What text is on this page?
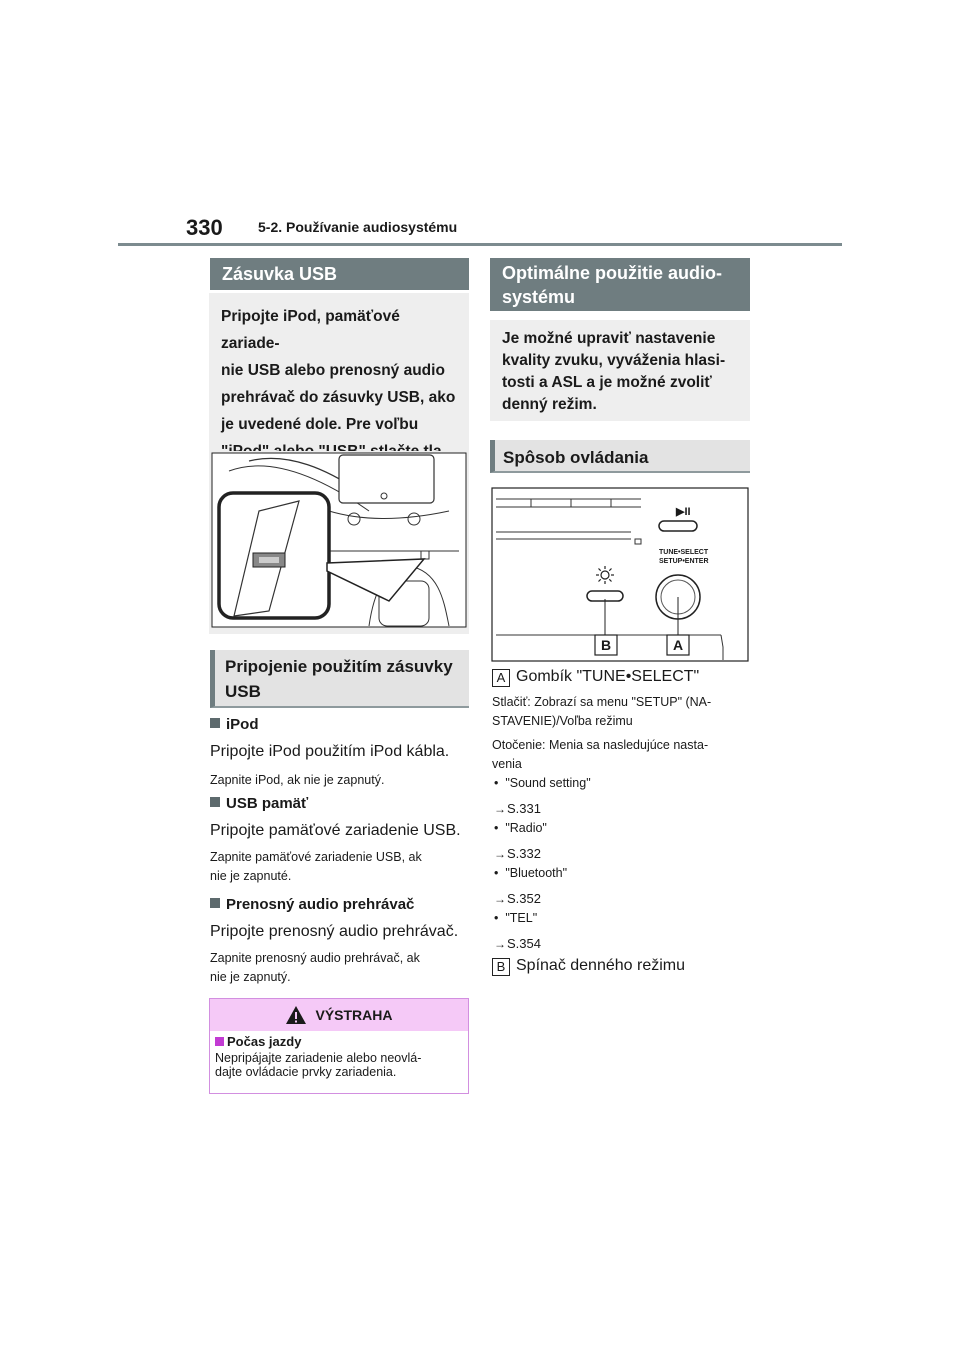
330	5-2. Používanie audiosystému
Zásuvka USB
Pripojte iPod, pamäťové zariade-
nie USB alebo prenosný audio
prehrávač do zásuvky USB, ako
je uvedené dole. Pre voľbu
Pripojenie použitím zásuvky
USB
iPod
Pripojte iPod použitím iPod kábla.
Zapnite iPod, ak nie je zapnutý.
USB pamäť
Pripojte pamäťové zariadenie USB.
Zapnite pamäťové zariadenie USB, ak
nie je zapnuté.
Prenosný audio prehrávač
Pripojte prenosný audio prehrávač.
Zapnite prenosný audio prehrávač, ak
nie je zapnutý.
VÝSTRAHA
Počas jazdy
Nepripájajte zariadenie alebo neovlá-
dajte ovládacie prvky zariadenia.
Optimálne použitie audio-
systému
Je možné upraviť nastavenie
kvality zvuku, vyváženia hlasi-
tosti a ASL a je možné zvoliť
denný režim.
Spôsob ovládania
▶II
TUNE•SELECT
SETUP•ENTER
B	A
A Gombík "TUNE•SELECT"
Stlačiť: Zobrazí sa menu "SETUP" (NA-
STAVENIE)/Voľba režimu
Otočenie: Menia sa nasledujúce nasta-
venia
•  "Sound setting"
→S.331
•  "Radio"
→S.332
•  "Bluetooth"
→S.352
•  "TEL"
→S.354
B Spínač denného režimu
